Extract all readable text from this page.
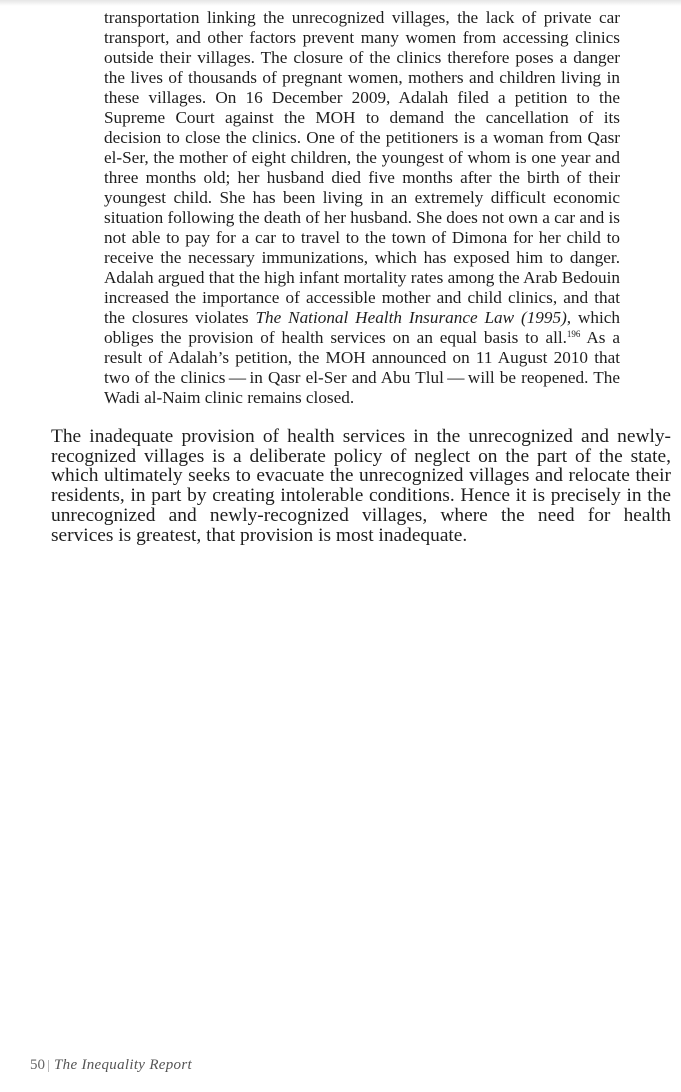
transportation linking the unrecognized villages, the lack of private car transport, and other factors prevent many women from accessing clinics outside their villages. The closure of the clinics therefore poses a danger the lives of thousands of pregnant women, mothers and children living in these villages. On 16 December 2009, Adalah filed a petition to the Supreme Court against the MOH to demand the cancellation of its decision to close the clinics. One of the petitioners is a woman from Qasr el-Ser, the mother of eight children, the youngest of whom is one year and three months old; her husband died five months after the birth of their youngest child. She has been living in an extremely difficult economic situation following the death of her husband. She does not own a car and is not able to pay for a car to travel to the town of Dimona for her child to receive the necessary immunizations, which has exposed him to danger. Adalah argued that the high infant mortality rates among the Arab Bedouin increased the importance of accessible mother and child clinics, and that the closures violates The National Health Insurance Law (1995), which obliges the provision of health services on an equal basis to all.$^{196}$ As a result of Adalah’s petition, the MOH announced on 11 August 2010 that two of the clinics — in Qasr el-Ser and Abu Tlul — will be reopened. The Wadi al-Naim clinic remains closed.

The inadequate provision of health services in the unrecognized and newly-recognized villages is a deliberate policy of neglect on the part of the state, which ultimately seeks to evacuate the unrecognized villages and relocate their residents, in part by creating intolerable conditions. Hence it is precisely in the unrecognized and newly-recognized villages, where the need for health services is greatest, that provision is most inadequate.

50 The Inequality Report
